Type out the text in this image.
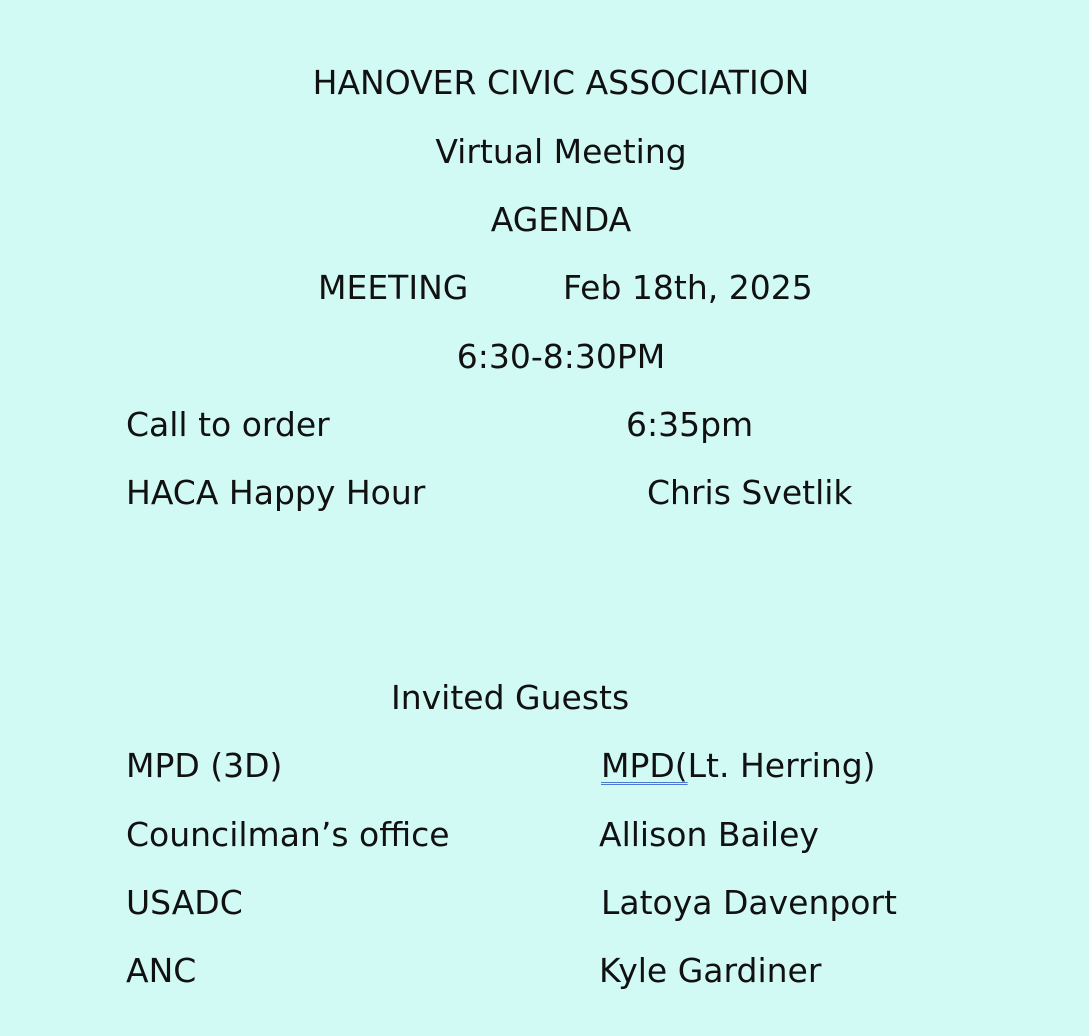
HANOVER CIVIC ASSOCIATION
Virtual Meeting
AGENDA
MEETING	Feb 18th, 2025
6:30-8:30PM
Call to order	6:35pm
HACA Happy Hour	Chris Svetlik
Invited Guests
MPD (3D)	MPD(Lt. Herring)
Councilman’s office	Allison Bailey
USADC	Latoya Davenport
ANC	Kyle Gardiner
